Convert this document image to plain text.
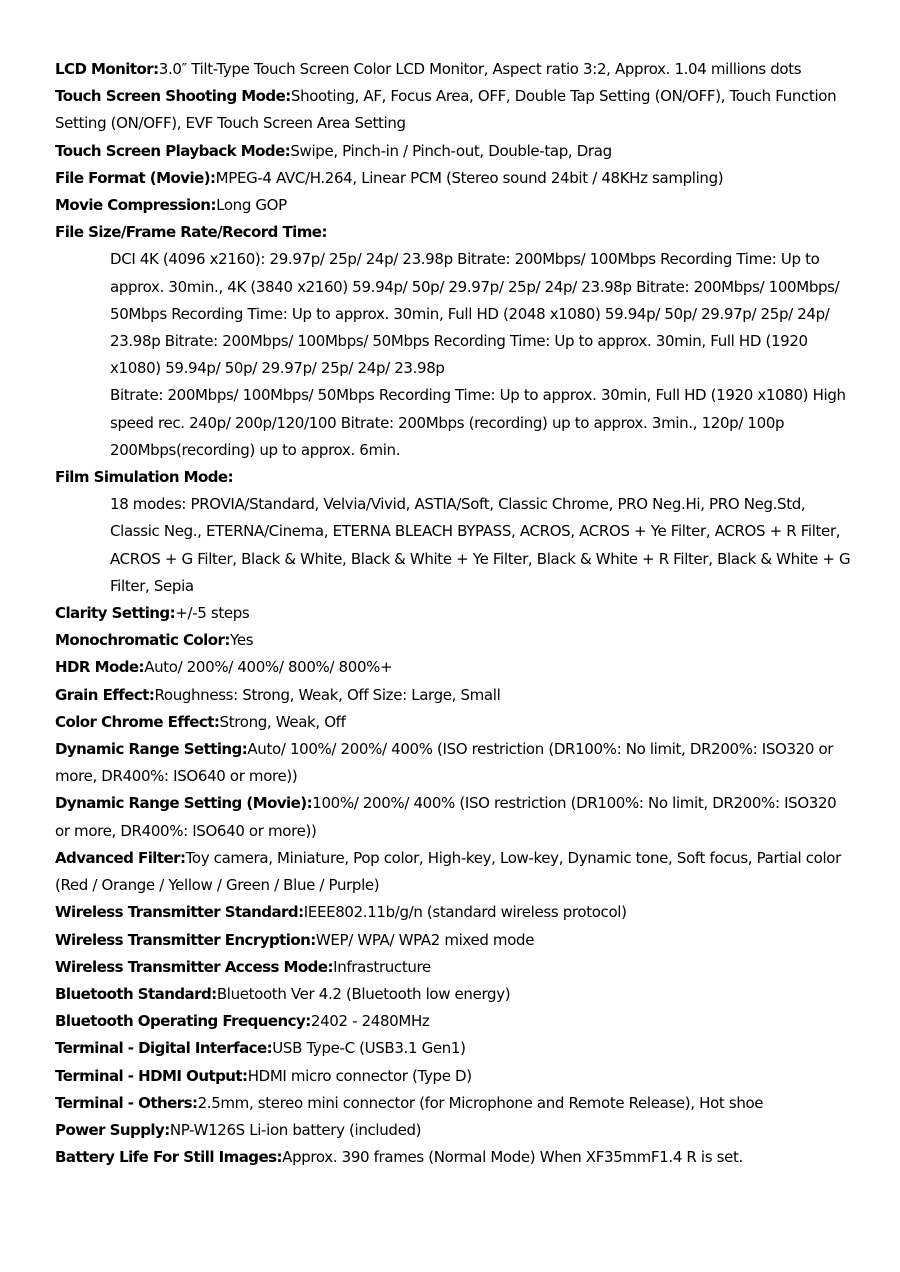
LCD Monitor:3.0″ Tilt-Type Touch Screen Color LCD Monitor, Aspect ratio 3:2, Approx. 1.04 millions dots

Touch Screen Shooting Mode:Shooting, AF, Focus Area, OFF, Double Tap Setting (ON/OFF), Touch Function Setting (ON/OFF), EVF Touch Screen Area Setting

Touch Screen Playback Mode:Swipe, Pinch-in / Pinch-out, Double-tap, Drag

File Format (Movie):MPEG-4 AVC/H.264, Linear PCM (Stereo sound 24bit / 48KHz sampling)

Movie Compression:Long GOP

File Size/Frame Rate/Record Time:

DCI 4K (4096 x2160): 29.97p/ 25p/ 24p/ 23.98p Bitrate: 200Mbps/ 100Mbps Recording Time: Up to approx. 30min., 4K (3840 x2160) 59.94p/ 50p/ 29.97p/ 25p/ 24p/ 23.98p Bitrate: 200Mbps/ 100Mbps/ 50Mbps Recording Time: Up to approx. 30min, Full HD (2048 x1080) 59.94p/ 50p/ 29.97p/ 25p/ 24p/ 23.98p Bitrate: 200Mbps/ 100Mbps/ 50Mbps Recording Time: Up to approx. 30min, Full HD (1920 x1080) 59.94p/ 50p/ 29.97p/ 25p/ 24p/ 23.98p

Bitrate: 200Mbps/ 100Mbps/ 50Mbps Recording Time: Up to approx. 30min, Full HD (1920 x1080) High speed rec. 240p/ 200p/120/100 Bitrate: 200Mbps (recording) up to approx. 3min., 120p/ 100p 200Mbps(recording) up to approx. 6min.

Film Simulation Mode:

18 modes: PROVIA/Standard, Velvia/Vivid, ASTIA/Soft, Classic Chrome, PRO Neg.Hi, PRO Neg.Std, Classic Neg., ETERNA/Cinema, ETERNA BLEACH BYPASS, ACROS, ACROS + Ye Filter, ACROS + R Filter, ACROS + G Filter, Black & White, Black & White + Ye Filter, Black & White + R Filter, Black & White + G Filter, Sepia

Clarity Setting:+/-5 steps

Monochromatic Color:Yes

HDR Mode:Auto/ 200%/ 400%/ 800%/ 800%+

Grain Effect:Roughness: Strong, Weak, Off Size: Large, Small

Color Chrome Effect:Strong, Weak, Off

Dynamic Range Setting:Auto/ 100%/ 200%/ 400% (ISO restriction (DR100%: No limit, DR200%: ISO320 or more, DR400%: ISO640 or more))

Dynamic Range Setting (Movie):100%/ 200%/ 400% (ISO restriction (DR100%: No limit, DR200%: ISO320 or more, DR400%: ISO640 or more))

Advanced Filter:Toy camera, Miniature, Pop color, High-key, Low-key, Dynamic tone, Soft focus, Partial color (Red / Orange / Yellow / Green / Blue / Purple)

Wireless Transmitter Standard:IEEE802.11b/g/n (standard wireless protocol)

Wireless Transmitter Encryption:WEP/ WPA/ WPA2 mixed mode

Wireless Transmitter Access Mode:Infrastructure

Bluetooth Standard:Bluetooth Ver 4.2 (Bluetooth low energy)

Bluetooth Operating Frequency:2402 - 2480MHz

Terminal - Digital Interface:USB Type-C (USB3.1 Gen1)

Terminal - HDMI Output:HDMI micro connector (Type D)

Terminal - Others:2.5mm, stereo mini connector (for Microphone and Remote Release), Hot shoe

Power Supply:NP-W126S Li-ion battery (included)

Battery Life For Still Images:Approx. 390 frames (Normal Mode) When XF35mmF1.4 R is set.
